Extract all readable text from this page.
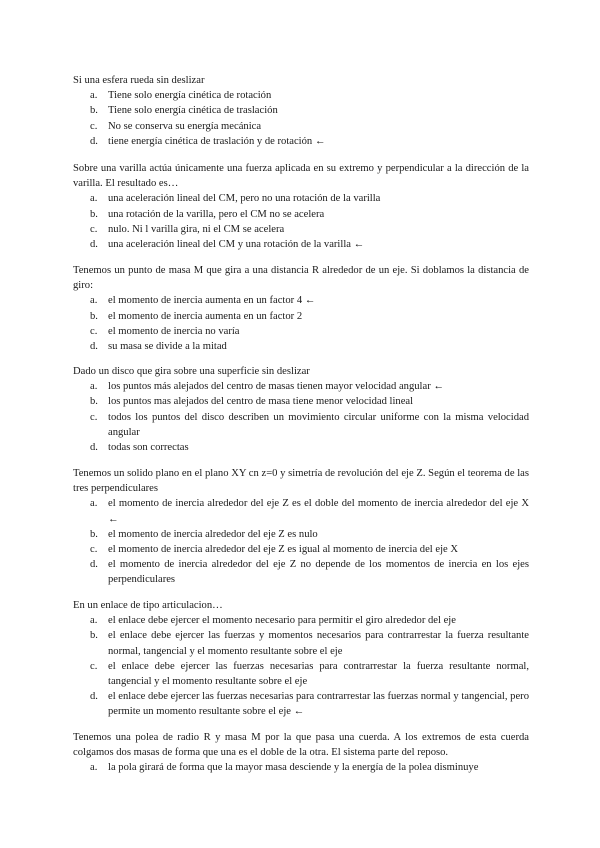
Si una esfera rueda sin deslizar

a.	Tiene solo energía cinética de rotación
b. Tiene solo energía cinética de traslación
c.	No se conserva su energía mecánica
d. tiene energía cinética de traslación y de rotación ←

Sobre una varilla actúa únicamente una fuerza aplicada en su extremo y perpendicular a la dirección de la varilla. El resultado es…

a.	una aceleración lineal del CM, pero no una rotación de la varilla
b. una rotación de la varilla, pero el CM no se acelera
c.	nulo. Ni l varilla gira, ni el CM se acelera
d. una aceleración lineal del CM y una rotación de la varilla ←

Tenemos un punto de masa M que gira a una distancia R alrededor de un eje. Si doblamos la distancia de giro:

a.	el momento de inercia aumenta en un factor 4 ←
b. el momento de inercia aumenta en un factor 2
c.	el momento de inercia no varía
d. su masa se divide a la mitad

Dado un disco que gira sobre una superficie sin deslizar

a.	los puntos más alejados del centro de masas tienen mayor velocidad angular ←
b. los puntos mas alejados del centro de masa tiene menor velocidad lineal
c.	todos los puntos del disco describen un movimiento circular uniforme con la misma velocidad angular
d. todas son correctas

Tenemos un solido plano en el plano XY cn z=0 y simetría de revolución del eje Z. Según el teorema de las tres perpendiculares

a.	el momento de inercia alrededor del eje Z es el doble del momento de inercia alrededor del eje X ←
b. el momento de inercia alrededor del eje Z es nulo
c.	el momento de inercia alrededor del eje Z es igual al momento de inercia del eje X
d. el momento de inercia alrededor del eje Z no depende de los momentos de inercia en los ejes perpendiculares

En un enlace de tipo articulacion…

a.	el enlace debe ejercer el momento necesario para permitir el giro alrededor del eje
b. el enlace debe ejercer las fuerzas y momentos necesarios para contrarrestar la fuerza resultante normal, tangencial y el momento resultante sobre el eje
c.	el enlace debe ejercer las fuerzas necesarias para contrarrestar la fuerza resultante normal, tangencial y el momento resultante sobre el eje
d. el enlace debe ejercer las fuerzas necesarias para contrarrestar las fuerzas normal y tangencial, pero permite un momento resultante sobre el eje ←

Tenemos una polea de radio R y masa M por la que pasa una cuerda. A los extremos de esta cuerda colgamos dos masas de forma que una es el doble de la otra. El sistema parte del reposo.

a.	la pola girará de forma que la mayor masa desciende y la energía de la polea disminuye
